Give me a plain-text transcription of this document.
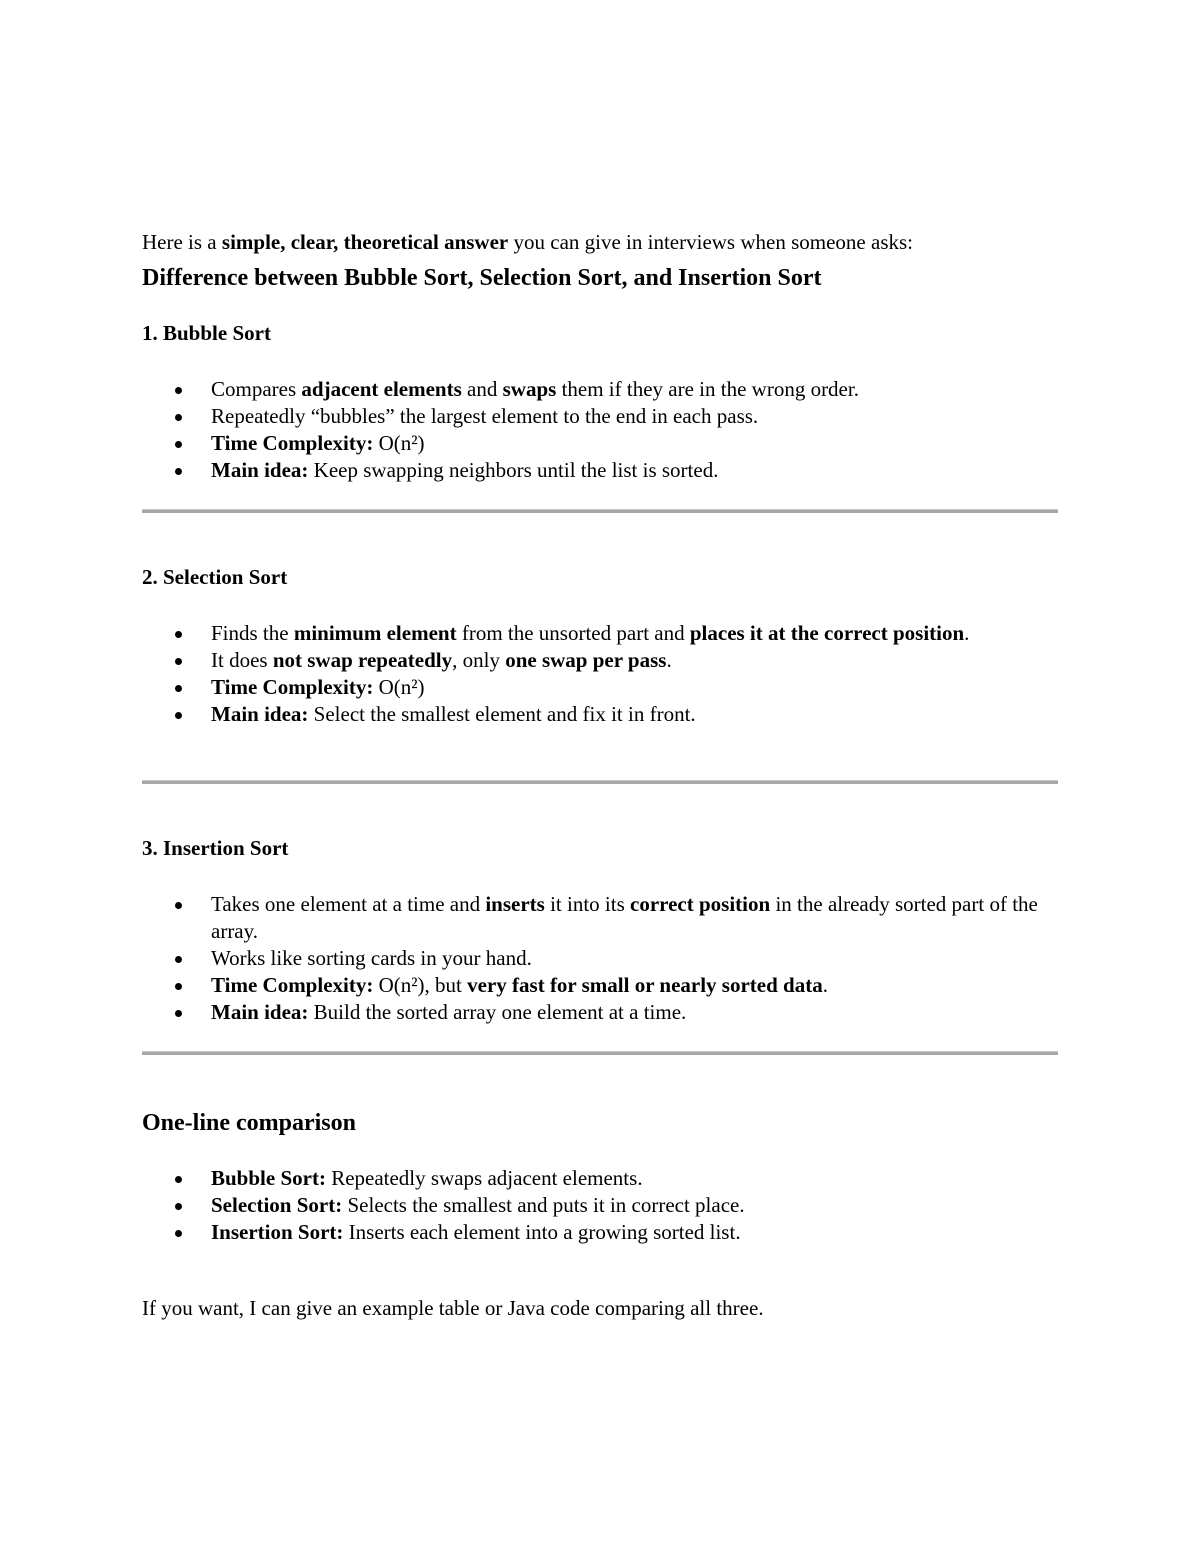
Here is a simple, clear, theoretical answer you can give in interviews when someone asks:

Difference between Bubble Sort, Selection Sort, and Insertion Sort
1. Bubble Sort
Compares adjacent elements and swaps them if they are in the wrong order.
Repeatedly “bubbles” the largest element to the end in each pass.
Time Complexity: O(n²)
Main idea: Keep swapping neighbors until the list is sorted.
2. Selection Sort
Finds the minimum element from the unsorted part and places it at the correct position.
It does not swap repeatedly, only one swap per pass.
Time Complexity: O(n²)
Main idea: Select the smallest element and fix it in front.
3. Insertion Sort
Takes one element at a time and inserts it into its correct position in the already sorted part of the array.
Works like sorting cards in your hand.
Time Complexity: O(n²), but very fast for small or nearly sorted data.
Main idea: Build the sorted array one element at a time.
One-line comparison
Bubble Sort: Repeatedly swaps adjacent elements.
Selection Sort: Selects the smallest and puts it in correct place.
Insertion Sort: Inserts each element into a growing sorted list.

If you want, I can give an example table or Java code comparing all three.
